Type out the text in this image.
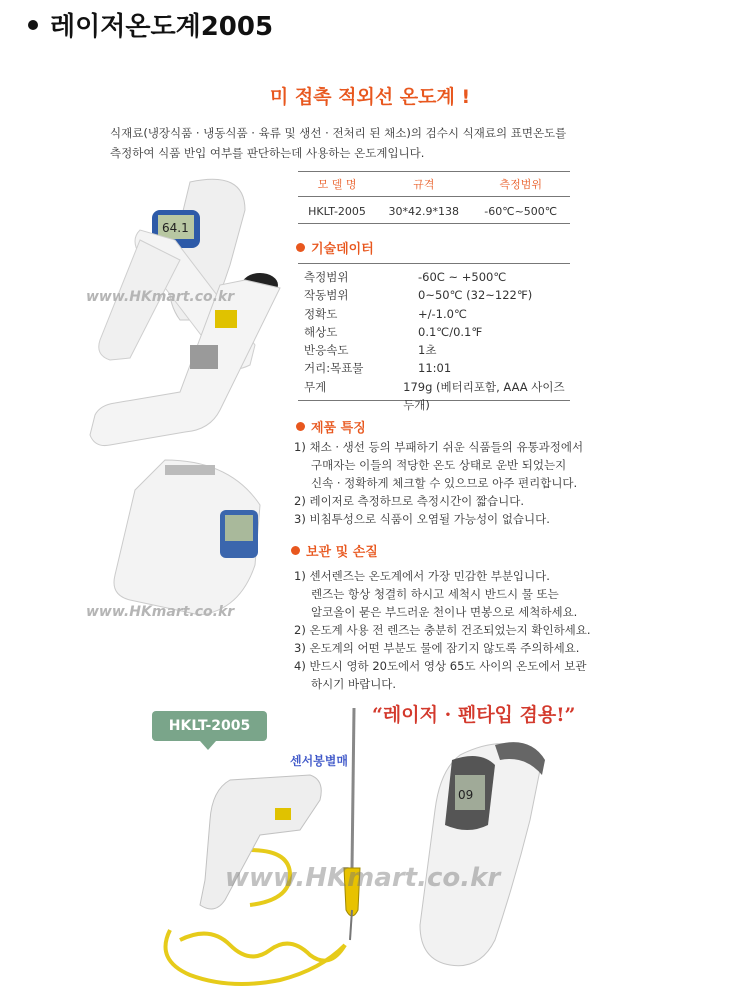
레이저온도계2005
미 접촉 적외선 온도계 !
식재료(냉장식품 · 냉동식품 · 육류 및 생선 · 전처리 된 채소)의 검수시 식재료의 표면온도를
측정하여 식품 반입 여부를 판단하는데 사용하는 온도계입니다.
모 델 명	규격	측정범위
HKLT-2005	30*42.9*138	-60℃~500℃
기술데이터
측정범위	-60C ~ +500℃
작동범위	0~50℃ (32~122℉)
정확도	+/-1.0℃
해상도	0.1℃/0.1℉
반응속도	1초
거리:목표물	11:01
무게	179g (베터리포함, AAA 사이즈 두개)
제품 특징
1) 채소 · 생선 등의 부패하기 쉬운 식품들의 유통과정에서
구매자는 이들의 적당한 온도 상태로 운반 되었는지
신속 · 정확하게 체크할 수 있으므로 아주 편리합니다.
2) 레이저로 측정하므로 측정시간이 짧습니다.
3) 비침투성으로 식품이 오염될 가능성이 없습니다.
보관 및 손질
1) 센서렌즈는 온도계에서 가장 민감한 부분입니다.
렌즈는 항상 청결히 하시고 세척시 반드시 물 또는
알코올이 묻은 부드러운 천이나 면봉으로 세척하세요.
2) 온도계 사용 전 렌즈는 충분히 건조되었는지 확인하세요.
3) 온도계의 어떤 부분도 물에 잠기지 않도록 주의하세요.
4) 반드시 영하 20도에서 영상 65도 사이의 온도에서 보관
하시기 바랍니다.
64.1
www.HKmart.co.kr
www.HKmart.co.kr
HKLT-2005	“레이저 · 펜타입 겸용!”
센서봉별매
09
www.HKmart.co.kr
